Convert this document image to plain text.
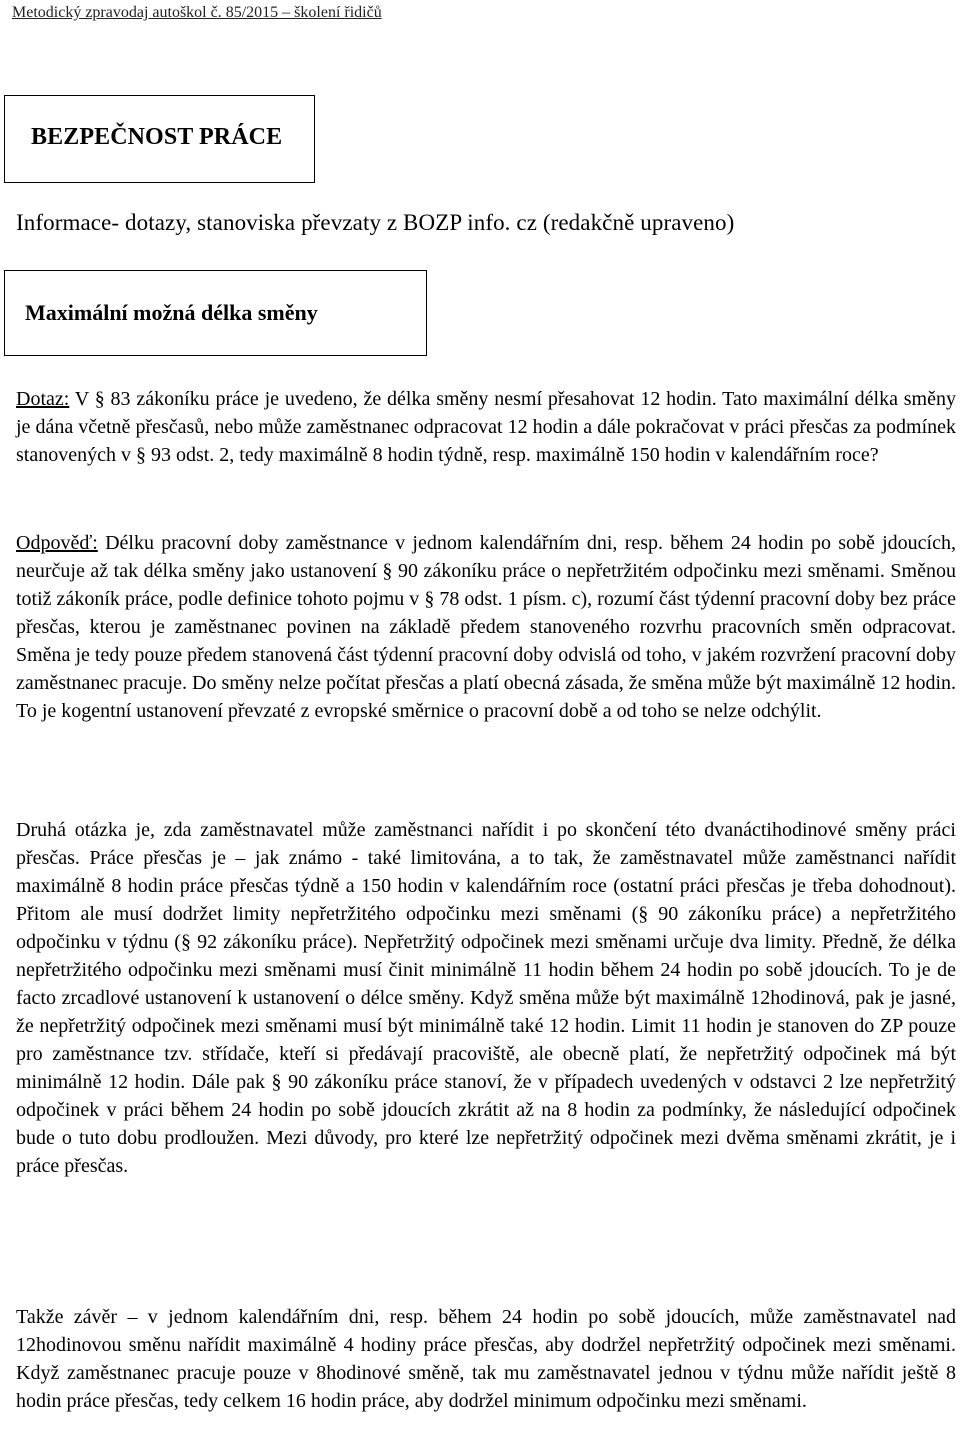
Metodický zpravodaj autoškol č. 85/2015 – školení řidičů

BEZPEČNOST PRÁCE

Informace- dotazy, stanoviska převzaty z BOZP info. cz (redakčně upraveno)

Maximální možná délka směny

Dotaz: V § 83 zákoníku práce je uvedeno, že délka směny nesmí přesahovat 12 hodin. Tato maximální délka směny je dána včetně přesčasů, nebo může zaměstnanec odpracovat 12 hodin a dále pokračovat v práci přesčas za podmínek stanovených v § 93 odst. 2, tedy maximálně 8 hodin týdně, resp. maximálně 150 hodin v kalendářním roce?

Odpověď: Délku pracovní doby zaměstnance v jednom kalendářním dni, resp. během 24 hodin po sobě jdoucích, neurčuje až tak délka směny jako ustanovení § 90 zákoníku práce o nepřetržitém odpočinku mezi směnami. Směnou totiž zákoník práce, podle definice tohoto pojmu v § 78 odst. 1 písm. c), rozumí část týdenní pracovní doby bez práce přesčas, kterou je zaměstnanec povinen na základě předem stanoveného rozvrhu pracovních směn odpracovat. Směna je tedy pouze předem stanovená část týdenní pracovní doby odvislá od toho, v jakém rozvržení pracovní doby zaměstnanec pracuje. Do směny nelze počítat přesčas a platí obecná zásada, že směna může být maximálně 12 hodin. To je kogentní ustanovení převzaté z evropské směrnice o pracovní době a od toho se nelze odchýlit.

Druhá otázka je, zda zaměstnavatel může zaměstnanci nařídit i po skončení této dvanáctihodinové směny práci přesčas. Práce přesčas je – jak známo - také limitována, a to tak, že zaměstnavatel může zaměstnanci nařídit maximálně 8 hodin práce přesčas týdně a 150 hodin v kalendářním roce (ostatní práci přesčas je třeba dohodnout). Přitom ale musí dodržet limity nepřetržitého odpočinku mezi směnami (§ 90 zákoníku práce) a nepřetržitého odpočinku v týdnu (§ 92 zákoníku práce). Nepřetržitý odpočinek mezi směnami určuje dva limity. Předně, že délka nepřetržitého odpočinku mezi směnami musí činit minimálně 11 hodin během 24 hodin po sobě jdoucích. To je de facto zrcadlové ustanovení k ustanovení o délce směny. Když směna může být maximálně 12hodinová, pak je jasné, že nepřetržitý odpočinek mezi směnami musí být minimálně také 12 hodin. Limit 11 hodin je stanoven do ZP pouze pro zaměstnance tzv. střídače, kteří si předávají pracoviště, ale obecně platí, že nepřetržitý odpočinek má být minimálně 12 hodin. Dále pak § 90 zákoníku práce stanoví, že v případech uvedených v odstavci 2 lze nepřetržitý odpočinek v práci během 24 hodin po sobě jdoucích zkrátit až na 8 hodin za podmínky, že následující odpočinek bude o tuto dobu prodloužen. Mezi důvody, pro které lze nepřetržitý odpočinek mezi dvěma směnami zkrátit, je i práce přesčas.

Takže závěr – v jednom kalendářním dni, resp. během 24 hodin po sobě jdoucích, může zaměstnavatel nad 12hodinovou směnu nařídit maximálně 4 hodiny práce přesčas, aby dodržel nepřetržitý odpočinek mezi směnami. Když zaměstnanec pracuje pouze v 8hodinové směně, tak mu zaměstnavatel jednou v týdnu může nařídit ještě 8 hodin práce přesčas, tedy celkem 16 hodin práce, aby dodržel minimum odpočinku mezi směnami.
